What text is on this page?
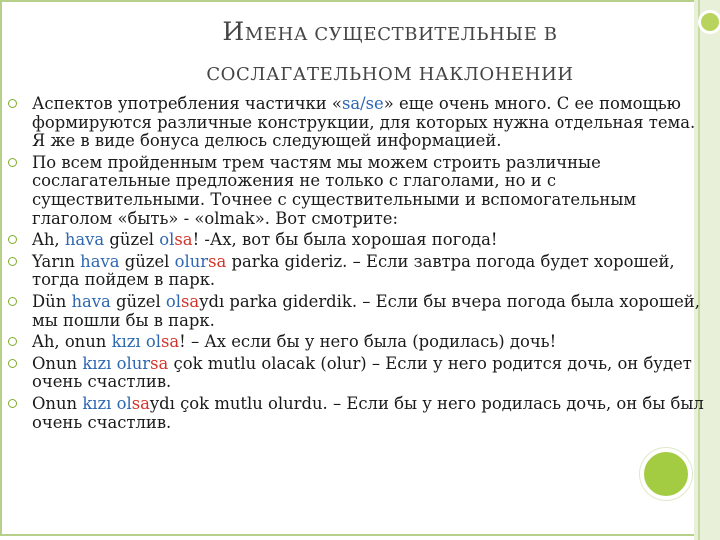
ИМЕНА СУЩЕСТВИТЕЛЬНЫЕ В
СОСЛАГАТЕЛЬНОМ НАКЛОНЕНИИ
Аспектов употребления частички «sa/se» еще очень много. С ее помощью формируются различные конструкции, для которых нужна отдельная тема. Я же в виде бонуса делюсь следующей информацией.
По всем пройденным трем частям мы можем строить различные сослагательные предложения не только с глаголами, но и с существительными. Точнее с существительными и вспомогательным глаголом «быть» - «olmak». Вот смотрите:
Ah, hava güzel olsa! -Ах, вот бы была хорошая погода!
Yarın hava güzel olursa parka gideriz. – Если завтра погода будет хорошей, тогда пойдем в парк.
Dün hava güzel olsaydı parka giderdik. – Если бы вчера погода была хорошей, мы пошли бы в парк.
Ah, onun kızı olsa! – Ах если бы у него была (родилась) дочь!
Onun kızı olursa çok mutlu olacak (olur) – Если у него родится дочь, он будет очень счастлив.
Onun kızı olsaydı çok mutlu olurdu. – Если бы у него родилась дочь, он бы был очень счастлив.
